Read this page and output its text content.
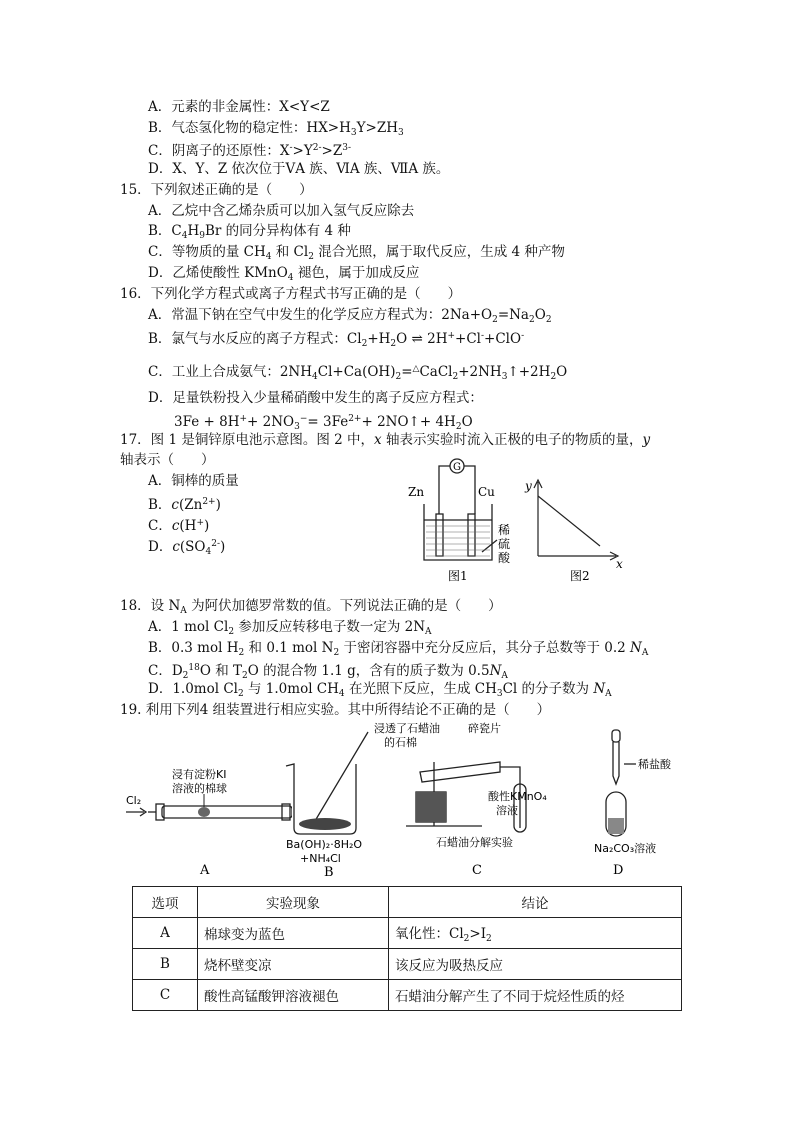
A．元素的非金属性：X<Y<Z
B．气态氢化物的稳定性：$HX>H_3Y>ZH_3$
C．阴离子的还原性：$X^->Y^{2-}>Z^{3-}$
D．X、Y、Z 依次位于ⅤA 族、ⅥA 族、ⅦA 族。
15．下列叙述正确的是（　　）
A．乙烷中含乙烯杂质可以加入氢气反应除去
B．$C_4H_9Br$ 的同分异构体有 4 种
C．等物质的量 $CH_4$ 和 $Cl_2$ 混合光照，属于取代反应，生成 4 种产物
D．乙烯使酸性 KMnO$_4$ 褪色，属于加成反应
16．下列化学方程式或离子方程式书写正确的是（　　）
A．常温下钠在空气中发生的化学反应方程式为：$2Na+O_2=Na_2O_2$
B．氯气与水反应的离子方程式：$Cl_2+H_2O$ ⇌ 2H++Cl-+ClO-
C．工业上合成氨气：$2NH_4Cl+Ca(OH)_2=^\triangle CaCl_2+2NH_3↑+2H_2O$
D．足量铁粉投入少量稀硝酸中发生的离子反应方程式：
$3Fe + 8H^++ 2NO_3^-= 3Fe^{2+}+$ 2NO↑+ $4H_2O$
17．图 1 是铜锌原电池示意图。图 2 中，x 轴表示实验时流入正极的电子的物质的量，y
轴表示（　　）
A．铜棒的质量
B．$c(Zn^{2+})$
C．c(H+)
D．$c(SO_4^{2-})$
G
Zn	Cu
稀
硫
酸
图1
y
x
图2
18．设 $N_A$ 为阿伏加德罗常数的值。下列说法正确的是（　　）
A．1 mol $Cl_2$ 参加反应转移电子数一定为 $2N_A$
B．0.3 mol $H_2$ 和 0.1 mol $N_2$ 于密闭容器中充分反应后，其分子总数等于 0.2 $N_A$
C．$D_2^{18}O$ 和 $T_2O$ 的混合物 1.1 g，含有的质子数为 $0.5N_A$
D．1.0mol $Cl_2$ 与 1.0mol $CH_4$ 在光照下反应，生成 $CH_3Cl$ 的分子数为 $N_A$
19. 利用下列4 组装置进行相应实验。其中所得结论不正确的是（　　）
Cl₂
浸有淀粉KI
溶液的棉球
A
Ba(OH)₂·8H₂O
+NH₄Cl
B
浸透了石蜡油
的石棉
碎瓷片
酸性KMnO₄
溶液
石蜡油分解实验
C
稀盐酸
Na₂CO₃溶液
D
选项	实验现象	结论
A	棉球变为蓝色	氧化性：$Cl_2>I_2$
B	烧杯壁变凉	该反应为吸热反应
C	酸性高锰酸钾溶液褪色	石蜡油分解产生了不同于烷烃性质的烃
